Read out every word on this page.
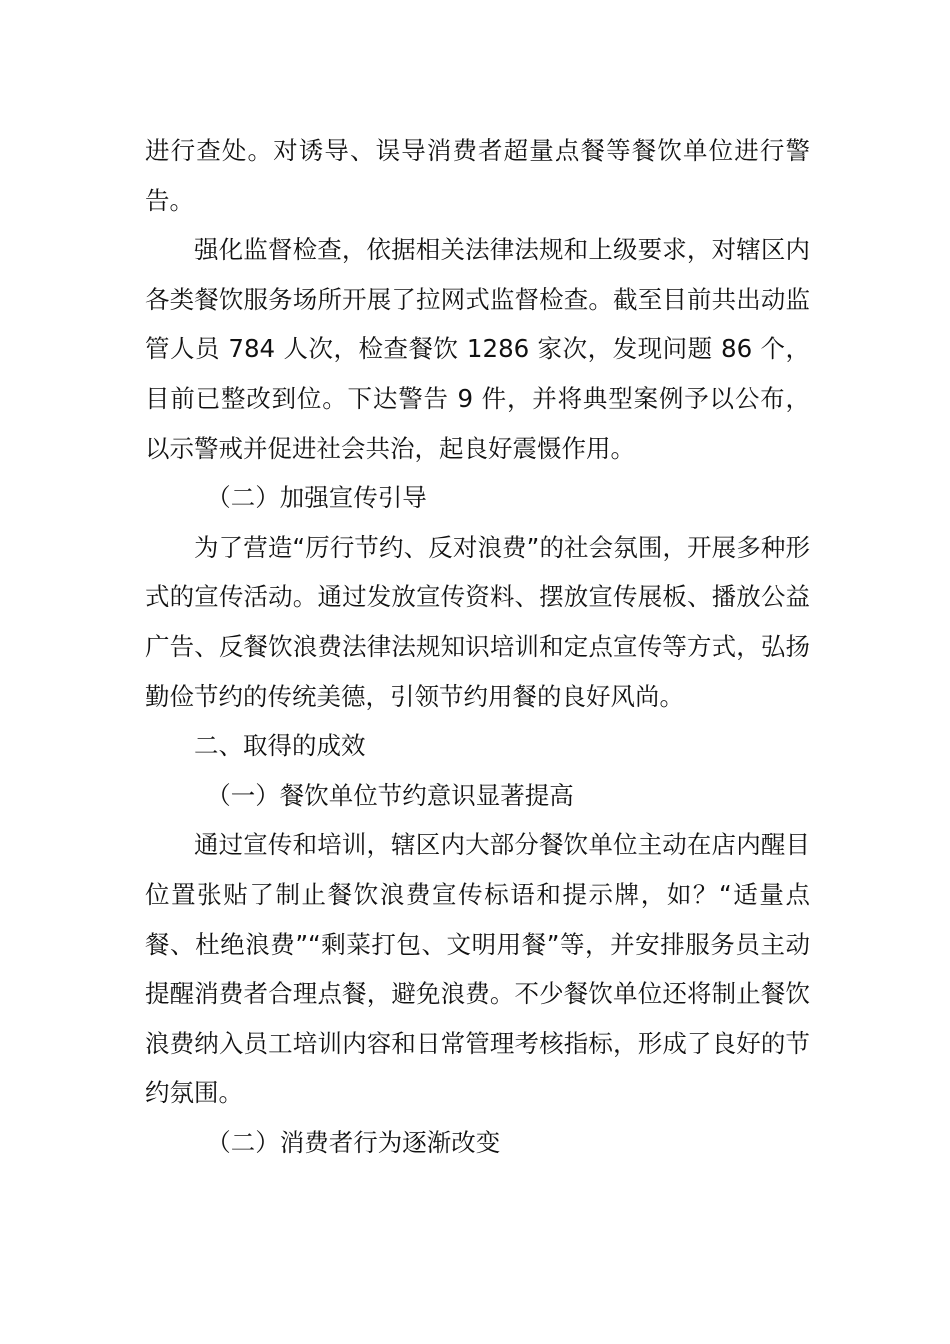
进行查处。对诱导、误导消费者超量点餐等餐饮单位进行警告。

强化监督检查，依据相关法律法规和上级要求，对辖区内各类餐饮服务场所开展了拉网式监督检查。截至目前共出动监管人员 784 人次，检查餐饮 1286 家次，发现问题 86 个，目前已整改到位。下达警告 9 件，并将典型案例予以公布，以示警戒并促进社会共治，起良好震慑作用。

（二）加强宣传引导

为了营造“厉行节约、反对浪费”的社会氛围，开展多种形式的宣传活动。通过发放宣传资料、摆放宣传展板、播放公益广告、反餐饮浪费法律法规知识培训和定点宣传等方式，弘扬勤俭节约的传统美德，引领节约用餐的良好风尚。

二、取得的成效

（一）餐饮单位节约意识显著提高

通过宣传和培训，辖区内大部分餐饮单位主动在店内醒目位置张贴了制止餐饮浪费宣传标语和提示牌，如？“适量点餐、杜绝浪费”“剩菜打包、文明用餐”等，并安排服务员主动提醒消费者合理点餐，避免浪费。不少餐饮单位还将制止餐饮浪费纳入员工培训内容和日常管理考核指标，形成了良好的节约氛围。

（二）消费者行为逐渐改变
